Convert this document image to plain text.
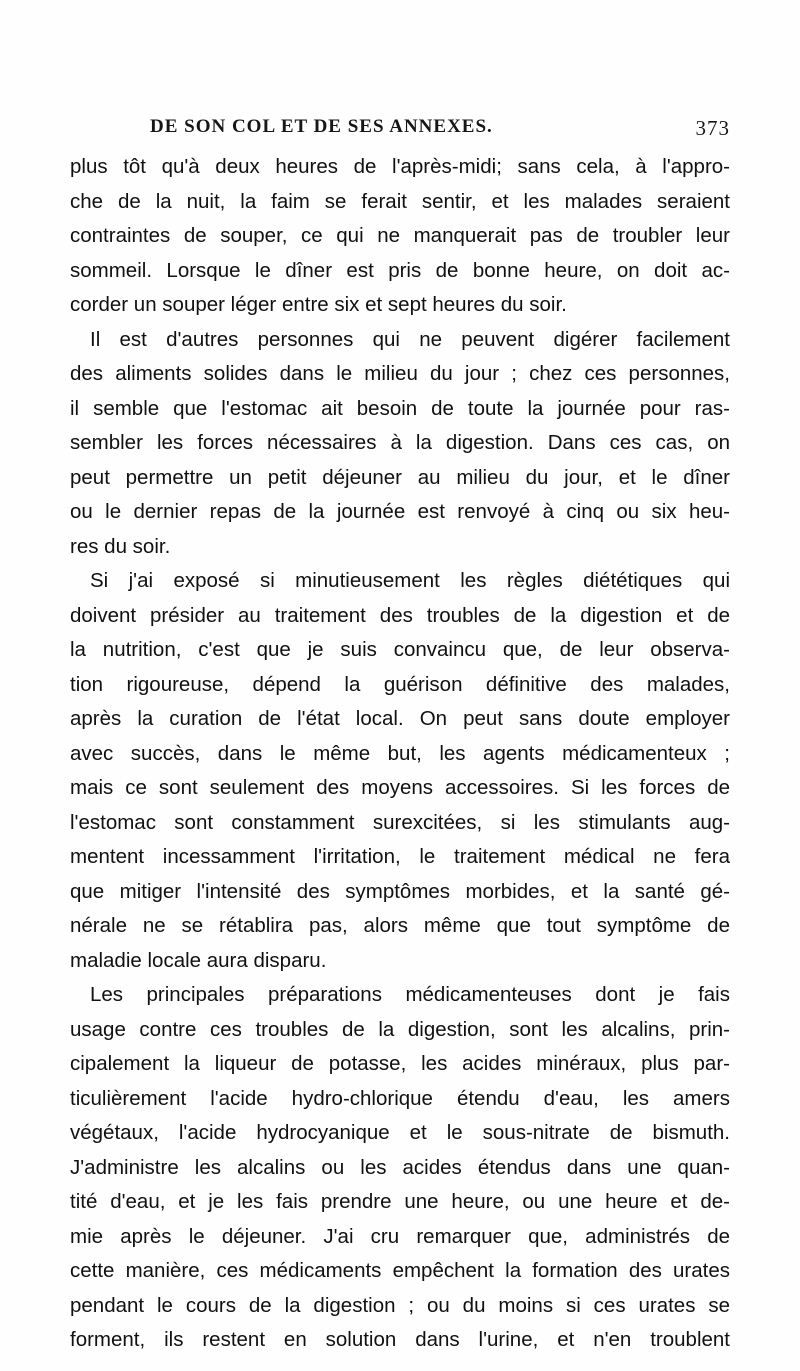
DE SON COL ET DE SES ANNEXES.	373
plus tôt qu'à deux heures de l'après-midi; sans cela, à l'appro-
che de la nuit, la faim se ferait sentir, et les malades seraient
contraintes de souper, ce qui ne manquerait pas de troubler leur
sommeil. Lorsque le dîner est pris de bonne heure, on doit ac-
corder un souper léger entre six et sept heures du soir.
Il est d'autres personnes qui ne peuvent digérer facilement
des aliments solides dans le milieu du jour ; chez ces personnes,
il semble que l'estomac ait besoin de toute la journée pour ras-
sembler les forces nécessaires à la digestion. Dans ces cas, on
peut permettre un petit déjeuner au milieu du jour, et le dîner
ou le dernier repas de la journée est renvoyé à cinq ou six heu-
res du soir.
Si j'ai exposé si minutieusement les règles diététiques qui
doivent présider au traitement des troubles de la digestion et de
la nutrition, c'est que je suis convaincu que, de leur observa-
tion rigoureuse, dépend la guérison définitive des malades,
après la curation de l'état local. On peut sans doute employer
avec succès, dans le même but, les agents médicamenteux ;
mais ce sont seulement des moyens accessoires. Si les forces de
l'estomac sont constamment surexcitées, si les stimulants aug-
mentent incessamment l'irritation, le traitement médical ne fera
que mitiger l'intensité des symptômes morbides, et la santé gé-
nérale ne se rétablira pas, alors même que tout symptôme de
maladie locale aura disparu.
Les principales préparations médicamenteuses dont je fais
usage contre ces troubles de la digestion, sont les alcalins, prin-
cipalement la liqueur de potasse, les acides minéraux, plus par-
ticulièrement l'acide hydro-chlorique étendu d'eau, les amers
végétaux, l'acide hydrocyanique et le sous-nitrate de bismuth.
J'administre les alcalins ou les acides étendus dans une quan-
tité d'eau, et je les fais prendre une heure, ou une heure et de-
mie après le déjeuner. J'ai cru remarquer que, administrés de
cette manière, ces médicaments empêchent la formation des urates
pendant le cours de la digestion ; ou du moins si ces urates se
forment, ils restent en solution dans l'urine, et n'en troublent
